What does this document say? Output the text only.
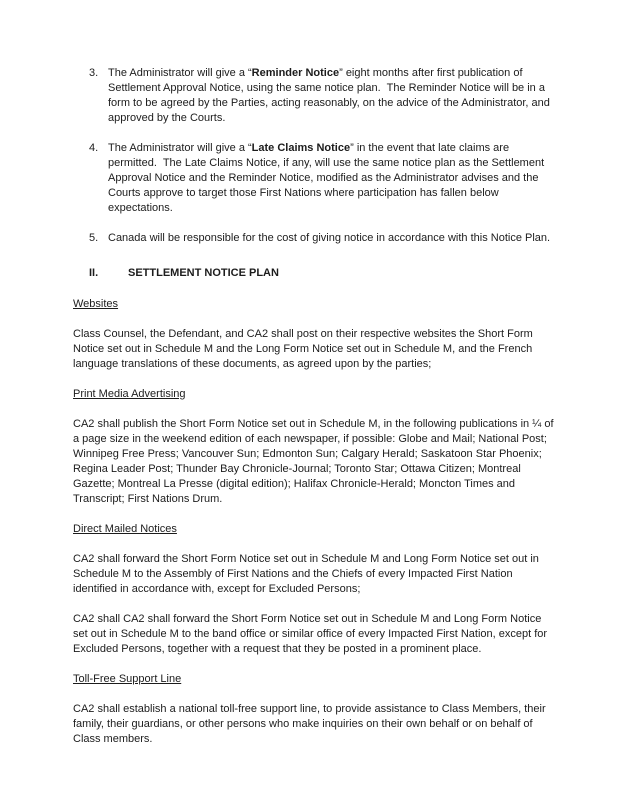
3. The Administrator will give a “Reminder Notice” eight months after first publication of Settlement Approval Notice, using the same notice plan.  The Reminder Notice will be in a form to be agreed by the Parties, acting reasonably, on the advice of the Administrator, and approved by the Courts.
4. The Administrator will give a “Late Claims Notice” in the event that late claims are permitted.  The Late Claims Notice, if any, will use the same notice plan as the Settlement Approval Notice and the Reminder Notice, modified as the Administrator advises and the Courts approve to target those First Nations where participation has fallen below expectations.
5. Canada will be responsible for the cost of giving notice in accordance with this Notice Plan.
II.	SETTLEMENT NOTICE PLAN
Websites
Class Counsel, the Defendant, and CA2 shall post on their respective websites the Short Form Notice set out in Schedule M and the Long Form Notice set out in Schedule M, and the French language translations of these documents, as agreed upon by the parties;
Print Media Advertising
CA2 shall publish the Short Form Notice set out in Schedule M, in the following publications in ¼ of a page size in the weekend edition of each newspaper, if possible: Globe and Mail; National Post; Winnipeg Free Press; Vancouver Sun; Edmonton Sun; Calgary Herald; Saskatoon Star Phoenix; Regina Leader Post; Thunder Bay Chronicle-Journal; Toronto Star; Ottawa Citizen; Montreal Gazette; Montreal La Presse (digital edition); Halifax Chronicle-Herald; Moncton Times and Transcript; First Nations Drum.
Direct Mailed Notices
CA2 shall forward the Short Form Notice set out in Schedule M and Long Form Notice set out in Schedule M to the Assembly of First Nations and the Chiefs of every Impacted First Nation identified in accordance with, except for Excluded Persons;
CA2 shall CA2 shall forward the Short Form Notice set out in Schedule M and Long Form Notice set out in Schedule M to the band office or similar office of every Impacted First Nation, except for Excluded Persons, together with a request that they be posted in a prominent place.
Toll-Free Support Line
CA2 shall establish a national toll-free support line, to provide assistance to Class Members, their family, their guardians, or other persons who make inquiries on their own behalf or on behalf of Class members.
